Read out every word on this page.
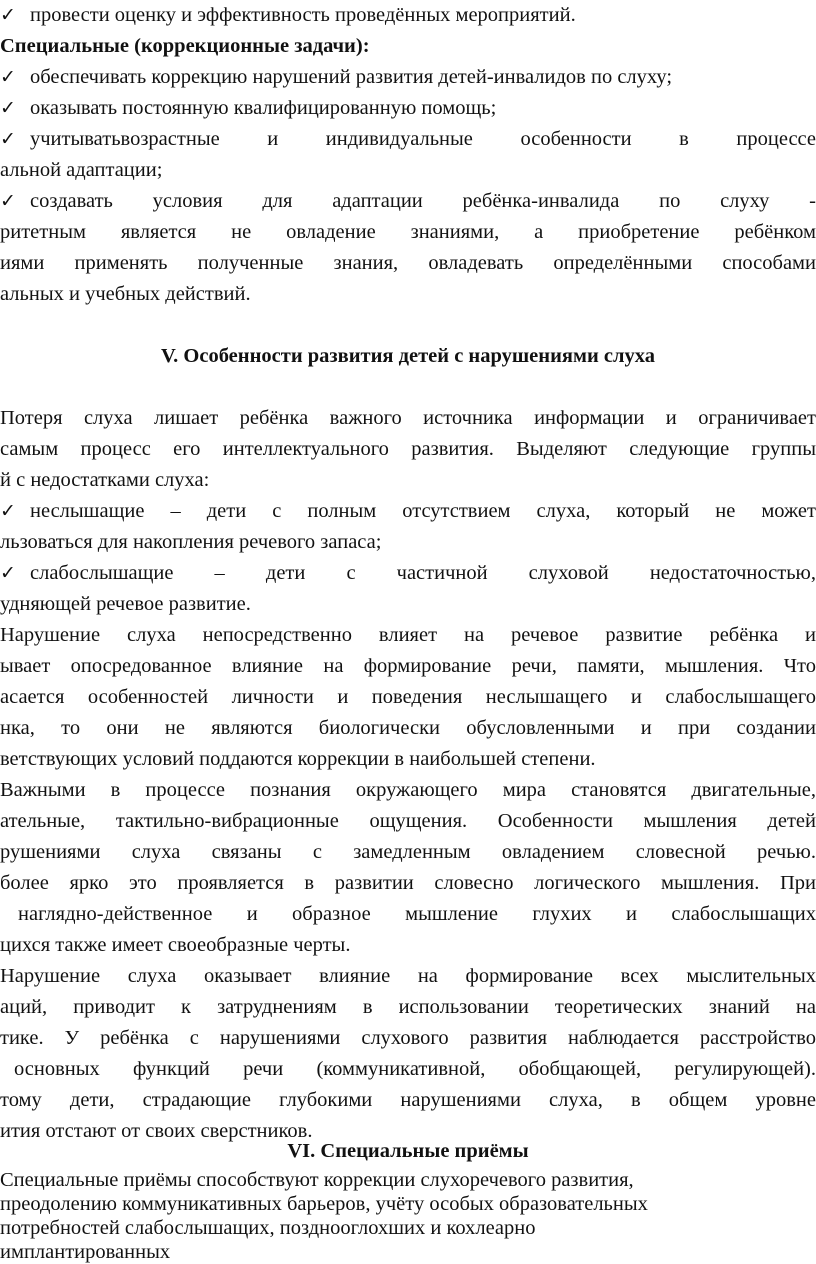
✓ провести оценку и эффективность проведённых мероприятий.
Специальные (коррекционные задачи):
✓ обеспечивать коррекцию нарушений развития детей-инвалидов по слуху;
✓ оказывать постоянную квалифицированную помощь;
✓ учитыватьвозрастные и индивидуальные особенности в процессе
альной адаптации;
✓ создавать условия для адаптации ребёнка-инвалида по слуху -
ритетным является не овладение знаниями, а приобретение ребёнком
иями применять полученные знания, овладевать определёнными способами
альных и учебных действий.
V. Особенности развития детей с нарушениями слуха
Потеря слуха лишает ребёнка важного источника информации и ограничивает
самым процесс его интеллектуального развития. Выделяют следующие группы
й с недостатками слуха:
✓ неслышащие – дети с полным отсутствием слуха, который не может
льзоваться для накопления речевого запаса;
✓ слабослышащие – дети с частичной слуховой недостаточностью,
удняющей речевое развитие.
Нарушение слуха непосредственно влияет на речевое развитие ребёнка и
ывает опосредованное влияние на формирование речи, памяти, мышления. Что
асается особенностей личности и поведения неслышащего и слабослышащего
нка, то они не являются биологически обусловленными и при создании
ветствующих условий поддаются коррекции в наибольшей степени.
Важными в процессе познания окружающего мира становятся двигательные,
ательные, тактильно-вибрационные ощущения. Особенности мышления детей
рушениями слуха связаны с замедленным овладением словесной речью.
более ярко это проявляется в развитии словесно логического мышления. При
наглядно-действенное и образное мышление глухих и слабослышащих
цихся также имеет своеобразные черты.
Нарушение слуха оказывает влияние на формирование всех мыслительных
аций, приводит к затруднениям в использовании теоретических знаний на
тике. У ребёнка с нарушениями слухового развития наблюдается расстройство
основных функций речи (коммуникативной, обобщающей, регулирующей).
тому дети, страдающие глубокими нарушениями слуха, в общем уровне
ития отстают от своих сверстников.
VI. Специальные приёмы
Специальные приёмы способствуют коррекции слухоречевого развития,
преодолению коммуникативных барьеров, учёту особых образовательных
потребностей слабослышащих, позднооглохших и кохлеарно
имплантированных
